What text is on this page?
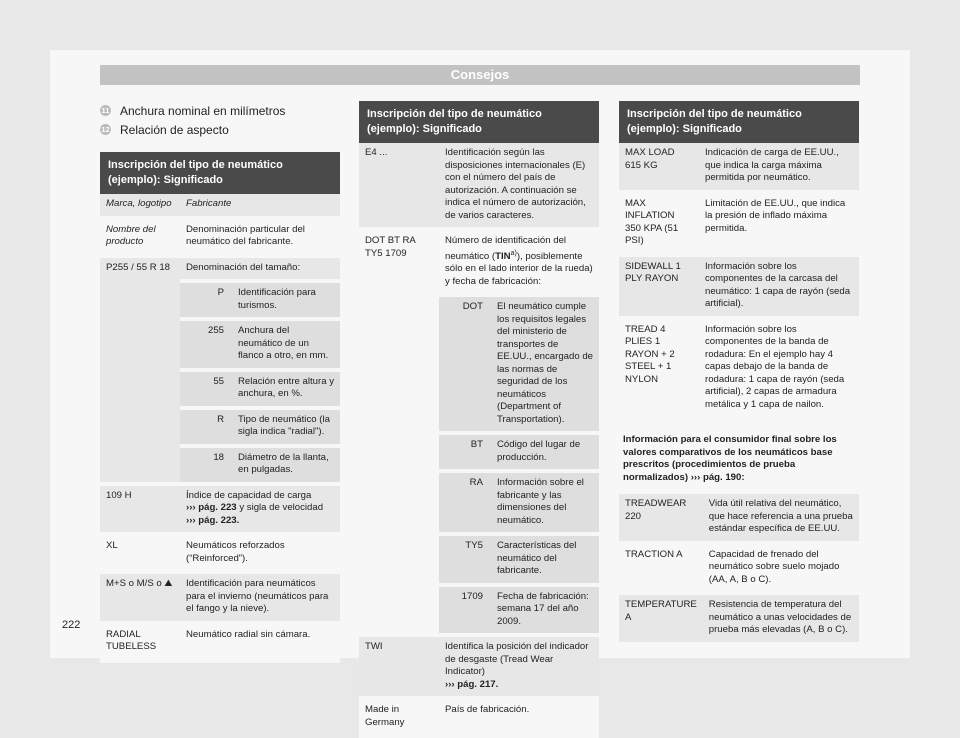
Consejos
11 Anchura nominal en milímetros
12 Relación de aspecto
Inscripción del tipo de neumático (ejemplo): Significado
Marca, logotipo	Fabricante	
Nombre del producto	Denominación particular del neumático del fabricante.	
P255 / 55 R 18	Denominación del tamaño:	
	P	Identificación para turismos.
	255	Anchura del neumático de un flanco a otro, en mm.
	55	Relación entre altura y anchura, en %.
	R	Tipo de neumático (la sigla indica "radial").
	18	Diámetro de la llanta, en pulgadas.
109 H	Índice de capacidad de carga
››› pág. 223 y sigla de velocidad
››› pág. 223.	
XL	Neumáticos reforzados (“Reinforced”).	
M+S o M/S o ⛰	Identificación para neumáticos para el invierno (neumáticos para el fango y la nieve).	
RADIAL TUBELESS	Neumático radial sin cámara.	
Inscripción del tipo de neumático (ejemplo): Significado
E4 ...	Identificación según las disposiciones internacionales (E) con el número del país de autorización. A continuación se indica el número de autorización, de varios caracteres.	
DOT BT RA TY5 1709	Número de identificación del neumático (TIN$^{a)}$), posiblemente sólo en el lado interior de la rueda) y fecha de fabricación:	
	DOT	El neumático cumple los requisitos legales del ministerio de transportes de EE.UU., encargado de las normas de seguridad de los neumáticos (Department of Transportation).
	BT	Código del lugar de producción.
	RA	Información sobre el fabricante y las dimensiones del neumático.
	TY5	Características del neumático del fabricante.
	1709	Fecha de fabricación: semana 17 del año 2009.
TWI	Identifica la posición del indicador de desgaste (Tread Wear Indicator)
››› pág. 217.	
Made in Germany	País de fabricación.	
Inscripción del tipo de neumático (ejemplo): Significado
MAX LOAD 615 KG	Indicación de carga de EE.UU., que indica la carga máxima permitida por neumático.
MAX INFLATION 350 KPA (51 PSI)	Limitación de EE.UU., que indica la presión de inflado máxima permitida.
SIDEWALL 1 PLY RAYON	Información sobre los componentes de la carcasa del neumático: 1 capa de rayón (seda artificial).
TREAD 4 PLIES 1 RAYON + 2 STEEL + 1 NYLON	Información sobre los componentes de la banda de rodadura: En el ejemplo hay 4 capas debajo de la banda de rodadura: 1 capa de rayón (seda artificial), 2 capas de armadura metálica y 1 capa de nailon.
Información para el consumidor final sobre los valores comparativos de los neumáticos base prescritos (procedimientos de prueba normalizados) ››› pág. 190:
TREADWEAR 220	Vida útil relativa del neumático, que hace referencia a una prueba estándar específica de EE.UU.
TRACTION A	Capacidad de frenado del neumático sobre suelo mojado (AA, A, B o C).
TEMPERATURE A	Resistencia de temperatura del neumático a unas velocidades de prueba más elevadas (A, B o C).
222
